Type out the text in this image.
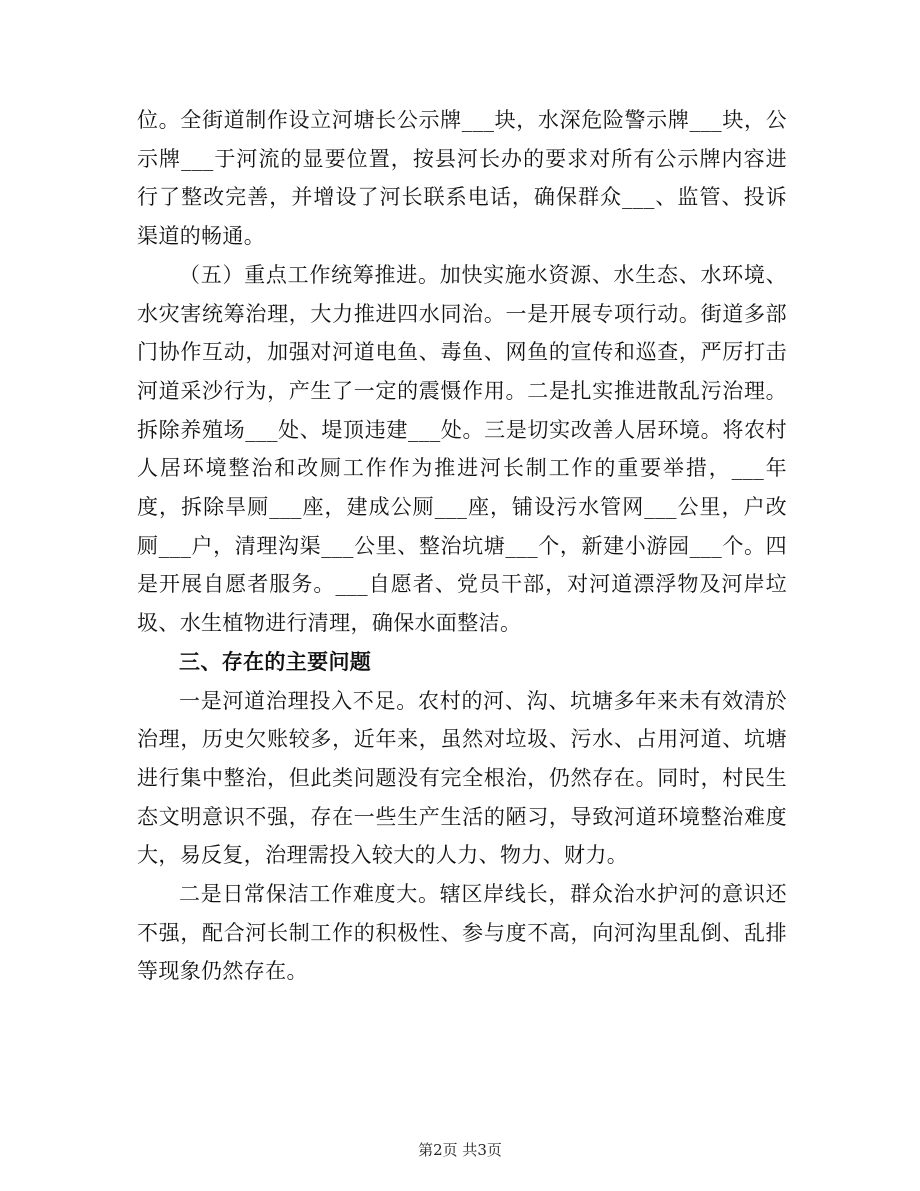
位。全街道制作设立河塘长公示牌___块，水深危险警示牌___块，公示牌___于河流的显要位置，按县河长办的要求对所有公示牌内容进行了整改完善，并增设了河长联系电话，确保群众___、监管、投诉渠道的畅通。

（五）重点工作统筹推进。加快实施水资源、水生态、水环境、水灾害统筹治理，大力推进四水同治。一是开展专项行动。街道多部门协作互动，加强对河道电鱼、毒鱼、网鱼的宣传和巡查，严厉打击河道采沙行为，产生了一定的震慑作用。二是扎实推进散乱污治理。拆除养殖场___处、堤顶违建___处。三是切实改善人居环境。将农村人居环境整治和改厕工作作为推进河长制工作的重要举措，___年度，拆除旱厕___座，建成公厕___座，铺设污水管网___公里，户改厕___户，清理沟渠___公里、整治坑塘___个，新建小游园___个。四是开展自愿者服务。___自愿者、党员干部，对河道漂浮物及河岸垃圾、水生植物进行清理，确保水面整洁。

三、存在的主要问题

一是河道治理投入不足。农村的河、沟、坑塘多年来未有效清於治理，历史欠账较多，近年来，虽然对垃圾、污水、占用河道、坑塘进行集中整治，但此类问题没有完全根治，仍然存在。同时，村民生态文明意识不强，存在一些生产生活的陋习，导致河道环境整治难度大，易反复，治理需投入较大的人力、物力、财力。

二是日常保洁工作难度大。辖区岸线长，群众治水护河的意识还不强，配合河长制工作的积极性、参与度不高，向河沟里乱倒、乱排等现象仍然存在。

第2页 共3页
